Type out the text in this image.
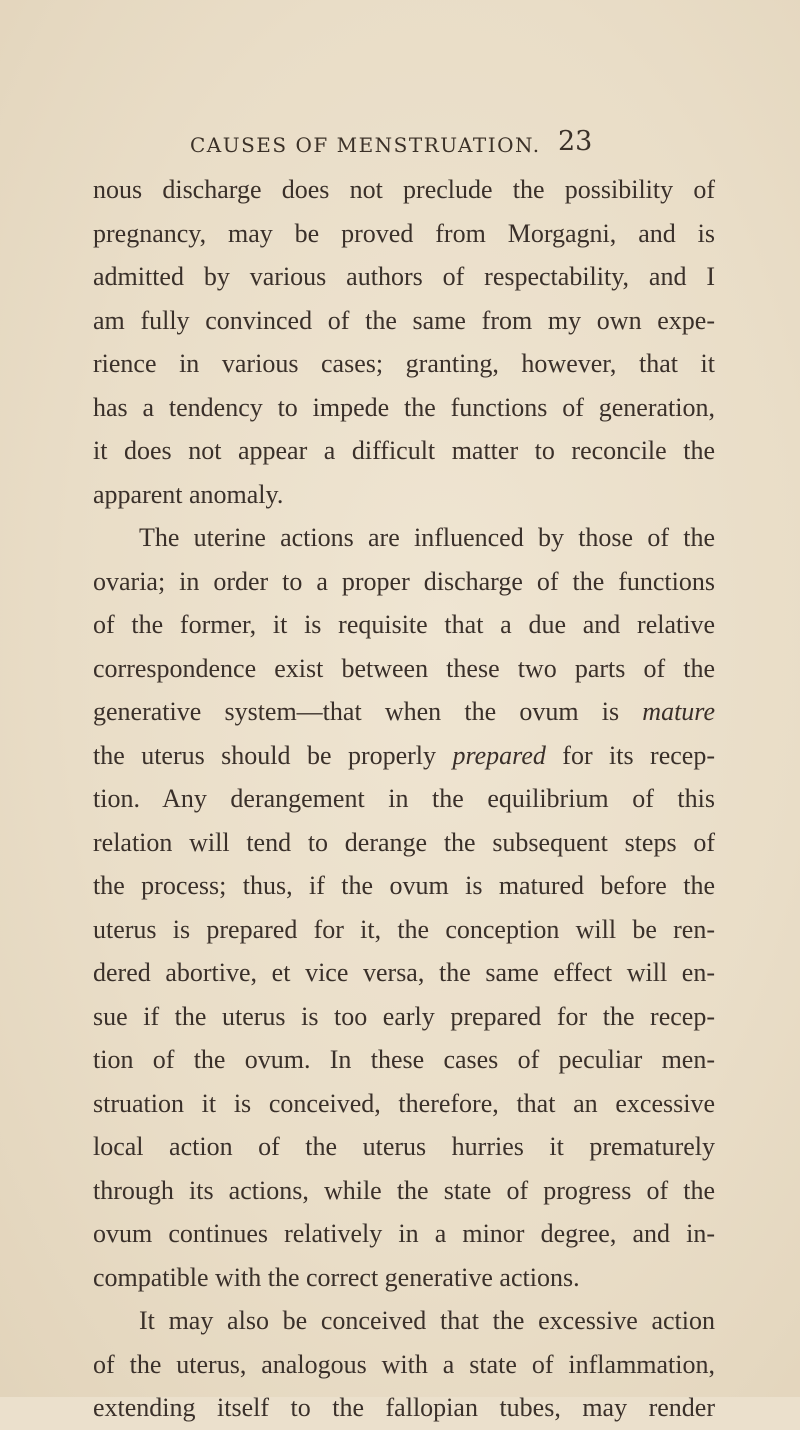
CAUSES OF MENSTRUATION. 23
nous discharge does not preclude the possibility of
pregnancy, may be proved from Morgagni, and is
admitted by various authors of respectability, and I
am fully convinced of the same from my own expe-
rience in various cases; granting, however, that it
has a tendency to impede the functions of generation,
it does not appear a difficult matter to reconcile the
apparent anomaly.
The uterine actions are influenced by those of the
ovaria; in order to a proper discharge of the functions
of the former, it is requisite that a due and relative
correspondence exist between these two parts of the
generative system—that when the ovum is mature
the uterus should be properly prepared for its recep-
tion. Any derangement in the equilibrium of this
relation will tend to derange the subsequent steps of
the process; thus, if the ovum is matured before the
uterus is prepared for it, the conception will be ren-
dered abortive, et vice versa, the same effect will en-
sue if the uterus is too early prepared for the recep-
tion of the ovum. In these cases of peculiar men-
struation it is conceived, therefore, that an excessive
local action of the uterus hurries it prematurely
through its actions, while the state of progress of the
ovum continues relatively in a minor degree, and in-
compatible with the correct generative actions.
It may also be conceived that the excessive action
of the uterus, analogous with a state of inflammation,
extending itself to the fallopian tubes, may render
